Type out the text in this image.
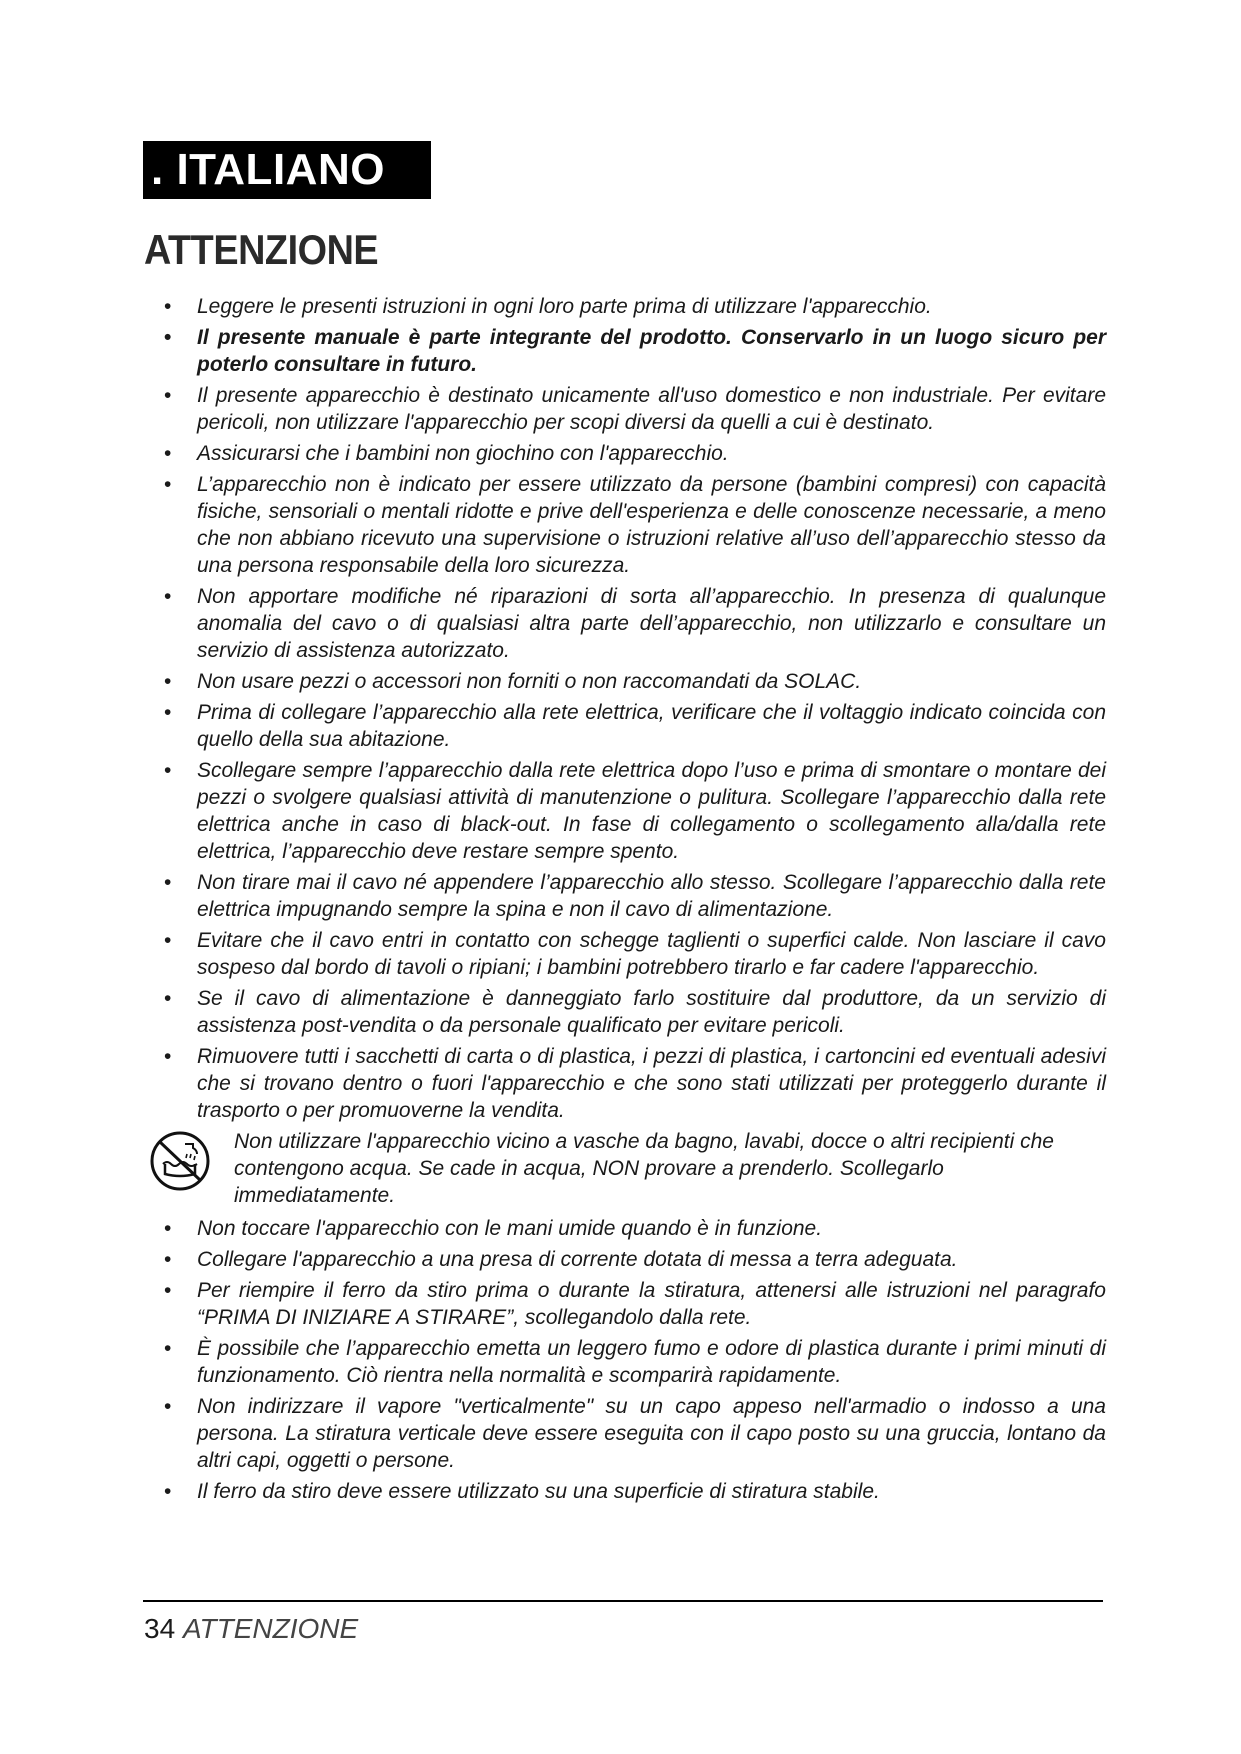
. ITALIANO
ATTENZIONE
• Leggere le presenti istruzioni in ogni loro parte prima di utilizzare l'apparecchio.
• Il presente manuale è parte integrante del prodotto. Conservarlo in un luogo sicuro per poterlo consultare in futuro.
• Il presente apparecchio è destinato unicamente all'uso domestico e non industriale. Per evitare pericoli, non utilizzare l'apparecchio per scopi diversi da quelli a cui è destinato.
• Assicurarsi che i bambini non giochino con l'apparecchio.
• L’apparecchio non è indicato per essere utilizzato da persone (bambini compresi) con capacità fisiche, sensoriali o mentali ridotte e prive dell'esperienza e delle conoscenze necessarie, a meno che non abbiano ricevuto una supervisione o istruzioni relative all’uso dell’apparecchio stesso da una persona responsabile della loro sicurezza.
• Non apportare modifiche né riparazioni di sorta all’apparecchio. In presenza di qualunque anomalia del cavo o di qualsiasi altra parte dell’apparecchio, non utilizzarlo e consultare un servizio di assistenza autorizzato.
• Non usare pezzi o accessori non forniti o non raccomandati da SOLAC.
• Prima di collegare l’apparecchio alla rete elettrica, verificare che il voltaggio indicato coincida con quello della sua abitazione.
• Scollegare sempre l’apparecchio dalla rete elettrica dopo l’uso e prima di smontare o montare dei pezzi o svolgere qualsiasi attività di manutenzione o pulitura. Scollegare l’apparecchio dalla rete elettrica anche in caso di black-out. In fase di collegamento o scollegamento alla/dalla rete elettrica, l’apparecchio deve restare sempre spento.
• Non tirare mai il cavo né appendere l’apparecchio allo stesso. Scollegare l’apparecchio dalla rete elettrica impugnando sempre la spina e non il cavo di alimentazione.
• Evitare che il cavo entri in contatto con schegge taglienti o superfici calde. Non lasciare il cavo sospeso dal bordo di tavoli o ripiani; i bambini potrebbero tirarlo e far cadere l'apparecchio.
• Se il cavo di alimentazione è danneggiato farlo sostituire dal produttore, da un servizio di assistenza post-vendita o da personale qualificato per evitare pericoli.
• Rimuovere tutti i sacchetti di carta o di plastica, i pezzi di plastica, i cartoncini ed eventuali adesivi che si trovano dentro o fuori l'apparecchio e che sono stati utilizzati per proteggerlo durante il trasporto o per promuoverne la vendita.
Non utilizzare l'apparecchio vicino a vasche da bagno, lavabi, docce o altri recipienti che contengono acqua. Se cade in acqua, NON provare a prenderlo. Scollegarlo immediatamente.
• Non toccare l'apparecchio con le mani umide quando è in funzione.
• Collegare l'apparecchio a una presa di corrente dotata di messa a terra adeguata.
• Per riempire il ferro da stiro prima o durante la stiratura, attenersi alle istruzioni nel paragrafo “PRIMA DI INIZIARE A STIRARE”, scollegandolo dalla rete.
• È possibile che l’apparecchio emetta un leggero fumo e odore di plastica durante i primi minuti di funzionamento. Ciò rientra nella normalità e scomparirà rapidamente.
• Non indirizzare il vapore "verticalmente" su un capo appeso nell'armadio o indosso a una persona. La stiratura verticale deve essere eseguita con il capo posto su una gruccia, lontano da altri capi, oggetti o persone.
• Il ferro da stiro deve essere utilizzato su una superficie di stiratura stabile.
34 ATTENZIONE
